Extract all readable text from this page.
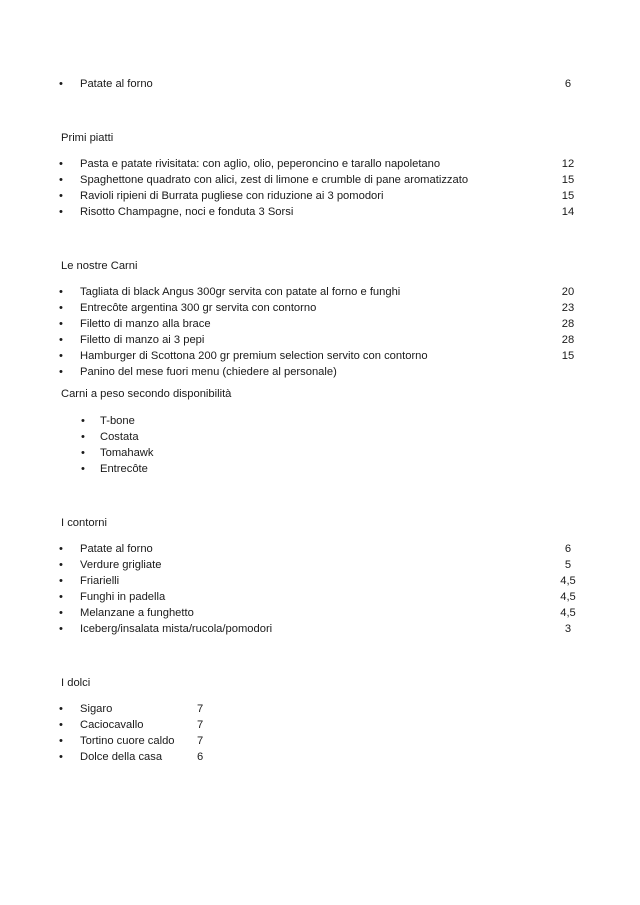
•	Patate al forno	6
Primi piatti
•	Pasta e patate rivisitata: con aglio, olio, peperoncino e tarallo napoletano	12
•	Spaghettone quadrato con alici, zest di limone e crumble di pane aromatizzato	15
•	Ravioli ripieni di Burrata pugliese con riduzione ai 3 pomodori	15
•	Risotto Champagne, noci e fonduta 3 Sorsi	14
Le nostre Carni
•	Tagliata di black Angus 300gr servita con patate al forno e funghi	20
•	Entrecôte argentina 300 gr servita con contorno	23
•	Filetto di manzo alla brace	28
•	Filetto di manzo ai 3 pepi	28
•	Hamburger di Scottona 200 gr premium selection servito con contorno	15
•	Panino del mese fuori menu (chiedere al personale)
Carni a peso secondo disponibilità
•	T-bone
•	Costata
•	Tomahawk
•	Entrecôte
I contorni
•	Patate al forno	6
•	Verdure grigliate	5
•	Friarielli	4,5
•	Funghi in padella	4,5
•	Melanzane a funghetto	4,5
•	Iceberg/insalata mista/rucola/pomodori	3
I dolci
•	Sigaro	7
•	Caciocavallo	7
•	Tortino cuore caldo 7
•	Dolce della casa	6
